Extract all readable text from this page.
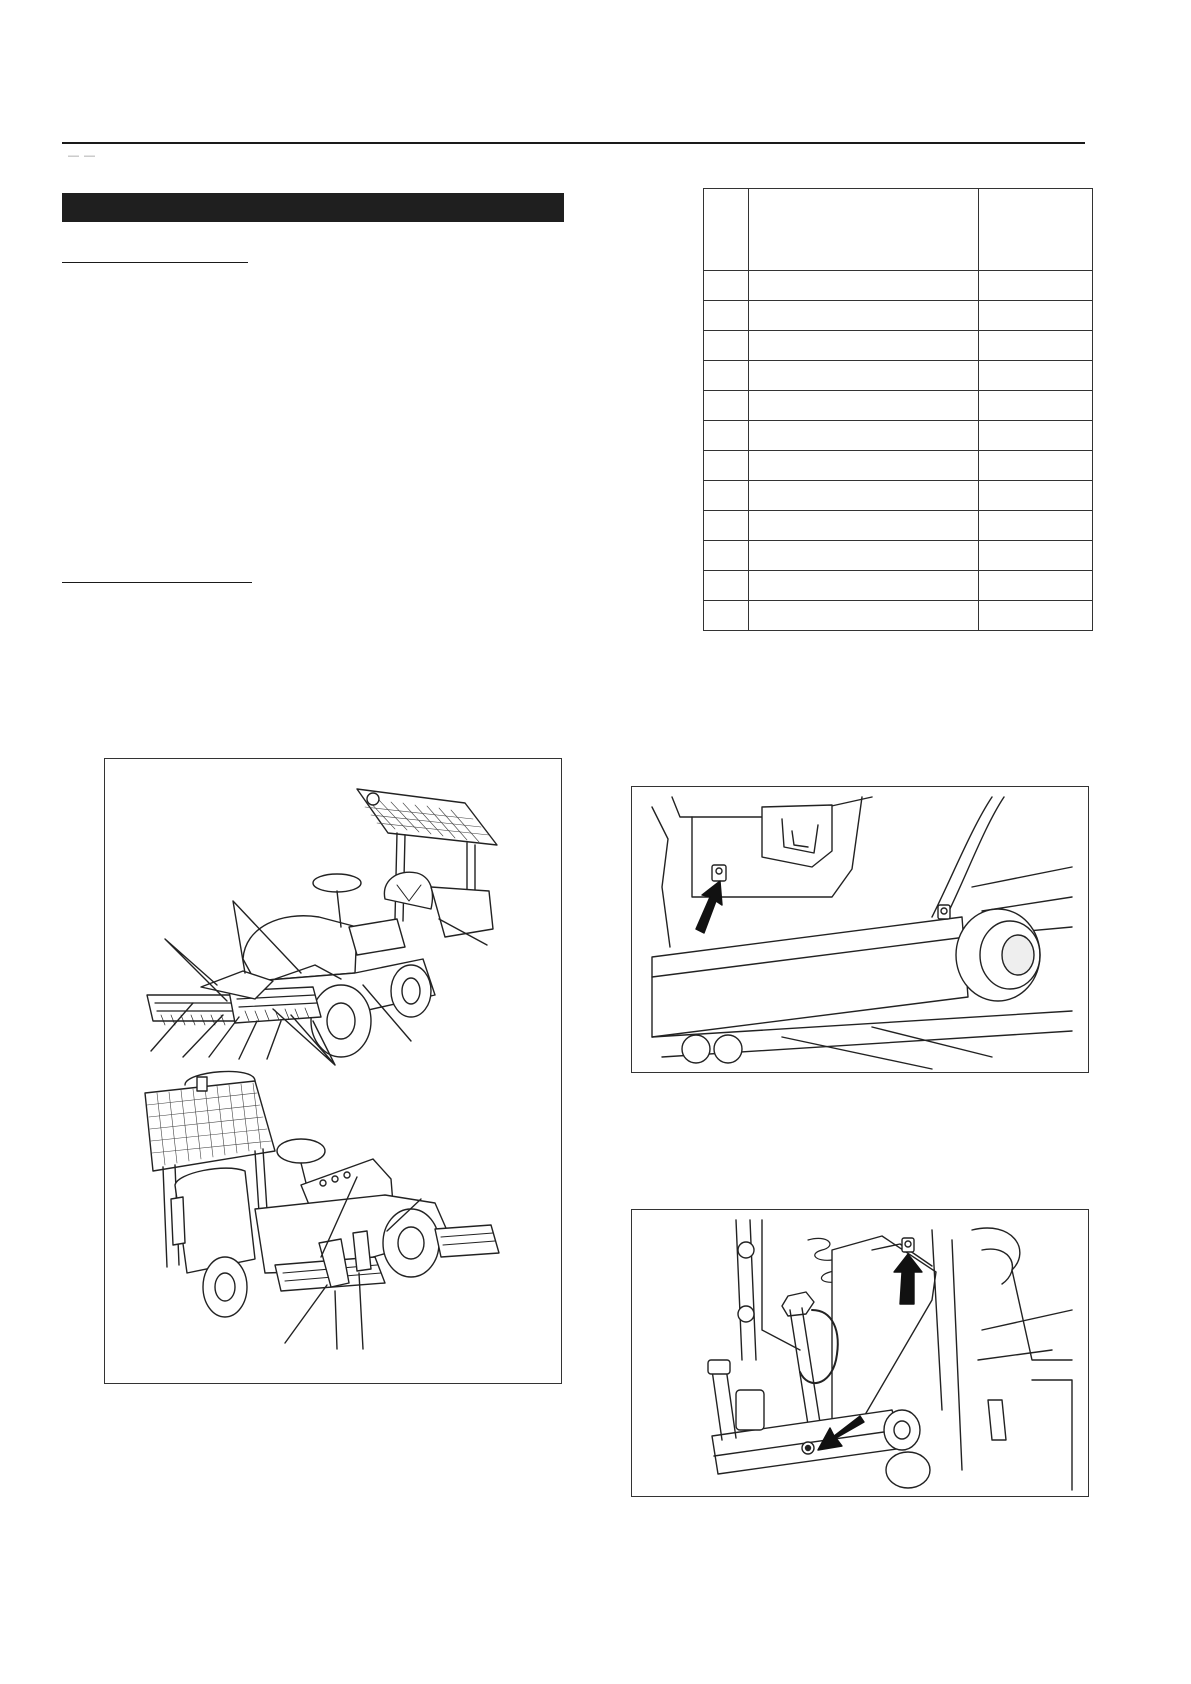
— —
